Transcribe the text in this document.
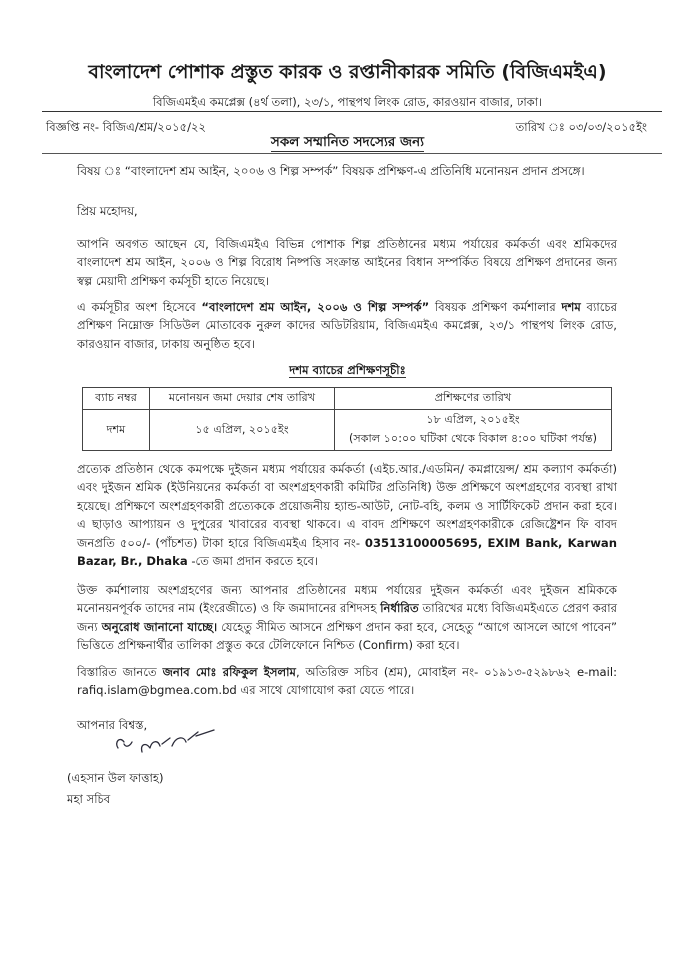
বাংলাদেশ পোশাক প্রস্তুত কারক ও রপ্তানীকারক সমিতি (বিজিএমইএ)
বিজিএমইএ কমপ্লেক্স (৪র্থ তলা), ২৩/১, পান্থপথ লিংক রোড, কারওয়ান বাজার, ঢাকা।
বিজ্ঞপ্তি নং- বিজিএ/শ্রম/২০১৫/২২	তারিখ ঃ ০৩/০৩/২০১৫ইং
সকল সম্মানিত সদস্যের জন্য
বিষয় ঃ “বাংলাদেশ শ্রম আইন, ২০০৬ ও শিল্প সম্পর্ক” বিষয়ক প্রশিক্ষণ-এ প্রতিনিধি মনোনয়ন প্রদান প্রসঙ্গে।
প্রিয় মহোদয়,
আপনি অবগত আছেন যে, বিজিএমইএ বিভিন্ন পোশাক শিল্প প্রতিষ্ঠানের মধ্যম পর্যায়ের কর্মকর্তা এবং শ্রমিকদের বাংলাদেশ শ্রম আইন, ২০০৬ ও শিল্প বিরোধ নিষ্পত্তি সংক্রান্ত আইনের বিধান সম্পর্কিত বিষয়ে প্রশিক্ষণ প্রদানের জন্য স্বল্প মেয়াদী প্রশিক্ষণ কর্মসূচী হাতে নিয়েছে।
এ কর্মসূচীর অংশ হিসেবে “বাংলাদেশ শ্রম আইন, ২০০৬ ও শিল্প সম্পর্ক” বিষয়ক প্রশিক্ষণ কর্মশালার দশম ব্যাচের প্রশিক্ষণ নিম্নোক্ত সিডিউল মোতাবেক নুরুল কাদের অডিটরিয়াম, বিজিএমইএ কমপ্লেক্স, ২৩/১ পান্থপথ লিংক রোড, কারওয়ান বাজার, ঢাকায় অনুষ্ঠিত হবে।
দশম ব্যাচের প্রশিক্ষণসূচীঃ
ব্যাচ নম্বর	মনোনয়ন জমা দেয়ার শেষ তারিখ	প্রশিক্ষণের তারিখ
দশম	১৫ এপ্রিল, ২০১৫ইং	১৮ এপ্রিল, ২০১৫ইং
(সকাল ১০:০০ ঘটিকা থেকে বিকাল ৪:০০ ঘটিকা পর্যন্ত)
প্রত্যেক প্রতিষ্ঠান থেকে কমপক্ষে দুইজন মধ্যম পর্যায়ের কর্মকর্তা (এইচ.আর./এডমিন/ কমপ্লায়েন্স/ শ্রম কল্যাণ কর্মকর্তা) এবং দুইজন শ্রমিক (ইউনিয়নের কর্মকর্তা বা অংশগ্রহণকারী কমিটির প্রতিনিধি) উক্ত প্রশিক্ষণে অংশগ্রহণের ব্যবস্থা রাখা হয়েছে। প্রশিক্ষণে অংশগ্রহণকারী প্রত্যেককে প্রয়োজনীয় হ্যান্ড-আউট, নোট-বহি, কলম ও সার্টিফিকেট প্রদান করা হবে। এ ছাড়াও আপ্যায়ন ও দুপুরের খাবারের ব্যবস্থা থাকবে। এ বাবদ প্রশিক্ষণে অংশগ্রহণকারীকে রেজিষ্ট্রেশন ফি বাবদ জনপ্রতি ৫০০/- (পাঁচশত) টাকা হারে বিজিএমইএ হিসাব নং- 03513100005695, EXIM Bank, Karwan Bazar, Br., Dhaka -তে জমা প্রদান করতে হবে।
উক্ত কর্মশালায় অংশগ্রহণের জন্য আপনার প্রতিষ্ঠানের মধ্যম পর্যায়ের দুইজন কর্মকর্তা এবং দুইজন শ্রমিককে মনোনয়নপূর্বক তাদের নাম (ইংরেজীতে) ও ফি জমাদানের রশিদসহ নির্ধারিত তারিখের মধ্যে বিজিএমইএতে প্রেরণ করার জন্য অনুরোধ জানানো যাচ্ছে। যেহেতু সীমিত আসনে প্রশিক্ষণ প্রদান করা হবে, সেহেতু “আগে আসলে আগে পাবেন” ভিত্তিতে প্রশিক্ষনার্থীর তালিকা প্রস্তুত করে টেলিফোনে নিশ্চিত (Confirm) করা হবে।
বিস্তারিত জানতে জনাব মোঃ রফিকুল ইসলাম, অতিরিক্ত সচিব (শ্রম), মোবাইল নং- ০১৯১৩-৫২৯৮৬২ e-mail: rafiq.islam@bgmea.com.bd এর সাথে যোগাযোগ করা যেতে পারে।
আপনার বিশ্বস্ত,
(এহসান উল ফাত্তাহ)
মহা সচিব
